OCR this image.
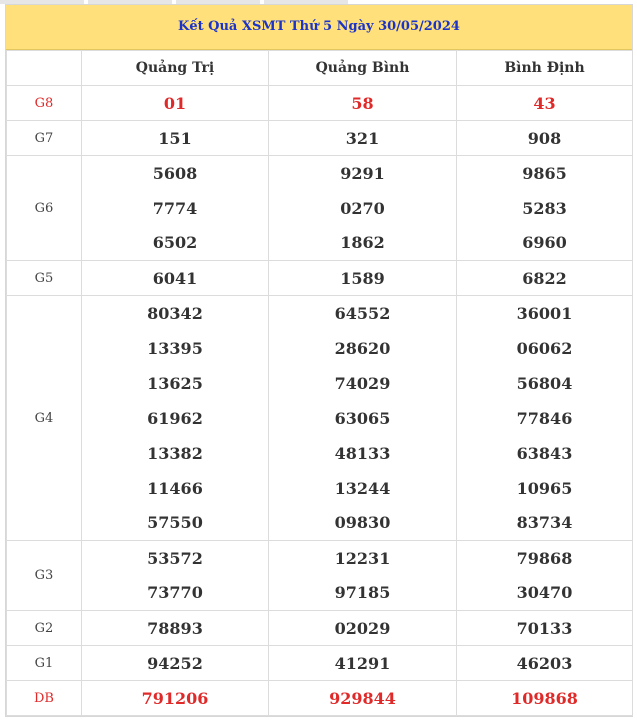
Kết Quả XSMT Thứ 5 Ngày 30/05/2024
	Quảng Trị	Quảng Bình	Bình Định
G8	01	58	43
G7	151	321	908
G6	5608	9291	9865
	7774	0270	5283
	6502	1862	6960
G5	6041	1589	6822
G4	80342	64552	36001
	13395	28620	06062
	13625	74029	56804
	61962	63065	77846
	13382	48133	63843
	11466	13244	10965
	57550	09830	83734
G3	53572	12231	79868
	73770	97185	30470
G2	78893	02029	70133
G1	94252	41291	46203
DB	791206	929844	109868
